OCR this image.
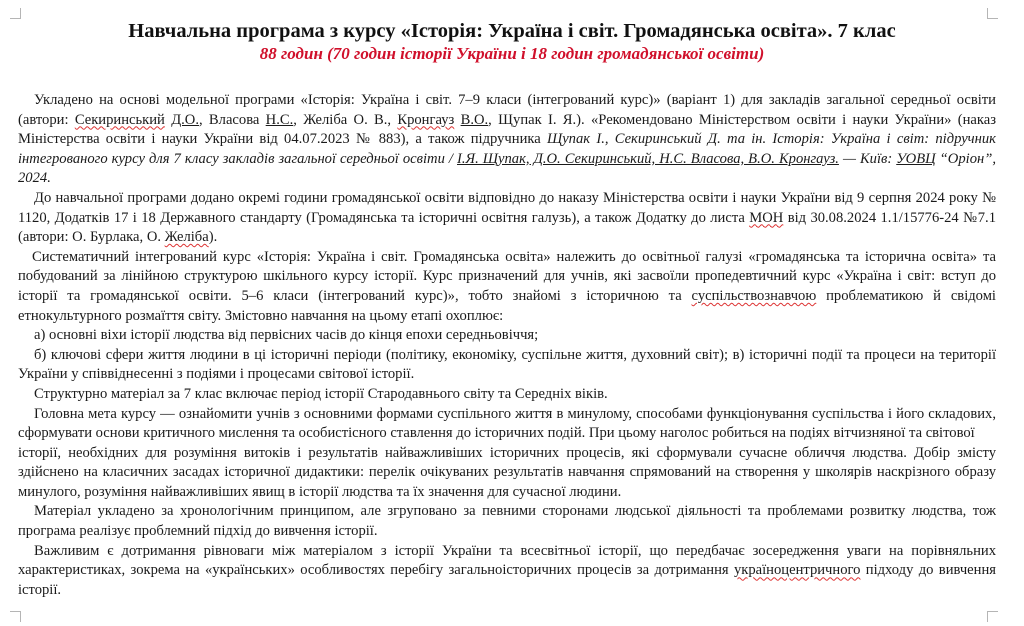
Навчальна програма з курсу «Історія: Україна і світ. Громадянська освіта». 7 клас
88 годин (70 годин історії України і 18 годин громадянської освіти)

Укладено на основі модельної програми «Історія: Україна і світ. 7–9 класи (інтегрований курс)» (варіант 1) для закладів загальної середньої освіти (автори: Секиринський Д.О., Власова Н.С., Желіба О. В., Кронгауз В.О., Щупак І. Я.). «Рекомендовано Міністерством освіти і науки України» (наказ Міністерства освіти і науки України від 04.07.2023 № 883), а також підручника Щупак І., Секиринський Д. та ін. Історія: Україна і світ: підручник інтегрованого курсу для 7 класу закладів загальної середньої освіти / І.Я. Щупак, Д.О. Секиринський, Н.С. Власова, В.О. Кронгауз. — Київ: УОВЦ “Оріон”, 2024.

До навчальної програми додано окремі години громадянської освіти відповідно до наказу Міністерства освіти і науки України від 9 серпня 2024 року № 1120, Додатків 17 і 18 Державного стандарту (Громадянська та історичні освітня галузь), а також Додатку до листа МОН від 30.08.2024 1.1/15776-24 №7.1 (автори: О. Бурлака, О. Желіба).

Систематичний інтегрований курс «Історія: Україна і світ. Громадянська освіта» належить до освітньої галузі «громадянська та історична освіта» та побудований за лінійною структурою шкільного курсу історії. Курс призначений для учнів, які засвоїли пропедевтичний курс «Україна і світ: вступ до історії та громадянської освіти. 5–6 класи (інтегрований курс)», тобто знайомі з історичною та суспільствознавчою проблематикою й свідомі етнокультурного розмаїття світу. Змістовно навчання на цьому етапі охоплює:

а) основні віхи історії людства від первісних часів до кінця епохи середньовіччя;

б) ключові сфери життя людини в ці історичні періоди (політику, економіку, суспільне життя, духовний світ); в) історичні події та процеси на території України у співвіднесенні з подіями і процесами світової історії.

Структурно матеріал за 7 клас включає період історії Стародавнього світу та Середніх віків.

Головна мета курсу — ознайомити учнів з основними формами суспільного життя в минулому, способами функціонування суспільства і його складових, сформувати основи критичного мислення та особистісного ставлення до історичних подій. При цьому наголос робиться на подіях вітчизняної та світової

історії, необхідних для розуміння витоків і результатів найважливіших історичних процесів, які сформували сучасне обличчя людства. Добір змісту здійснено на класичних засадах історичної дидактики: перелік очікуваних результатів навчання спрямований на створення у школярів наскрізного образу минулого, розуміння найважливіших явищ в історії людства та їх значення для сучасної людини.

Матеріал укладено за хронологічним принципом, але згруповано за певними сторонами людської діяльності та проблемами розвитку людства, тож програма реалізує проблемний підхід до вивчення історії.

Важливим є дотримання рівноваги між матеріалом з історії України та всесвітньої історії, що передбачає зосередження уваги на порівняльних характеристиках, зокрема на «українських» особливостях перебігу загальноісторичних процесів за дотримання україноцентричного підходу до вивчення історії.
